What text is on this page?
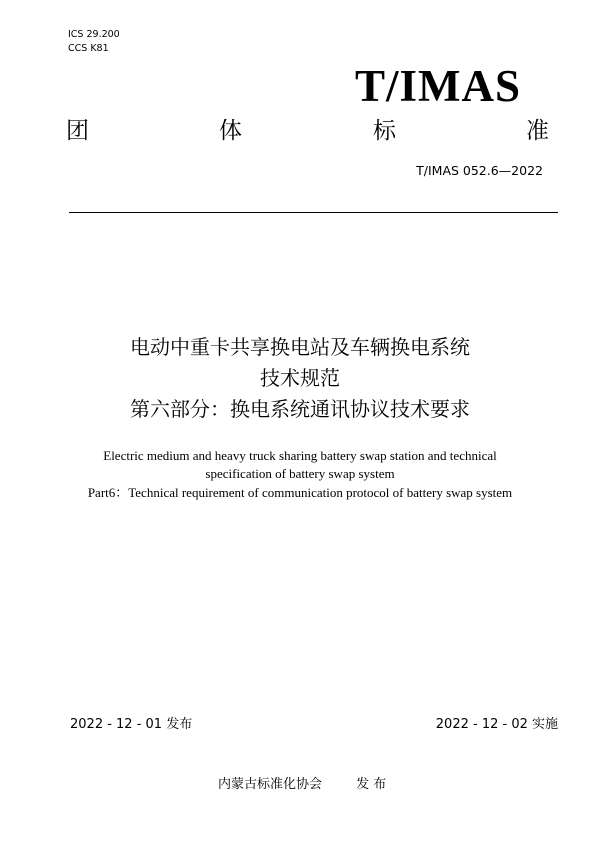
ICS 29.200
CCS K81
T/IMAS
团	体	标	准
T/IMAS 052.6—2022
电动中重卡共享换电站及车辆换电系统
技术规范
第六部分：换电系统通讯协议技术要求
Electric medium and heavy truck sharing battery swap station and technical
specification of battery swap system
Part6：Technical requirement of communication protocol of battery swap system
2022 - 12 - 01 发布	2022 - 12 - 02 实施
内蒙古标准化协会	发 布
